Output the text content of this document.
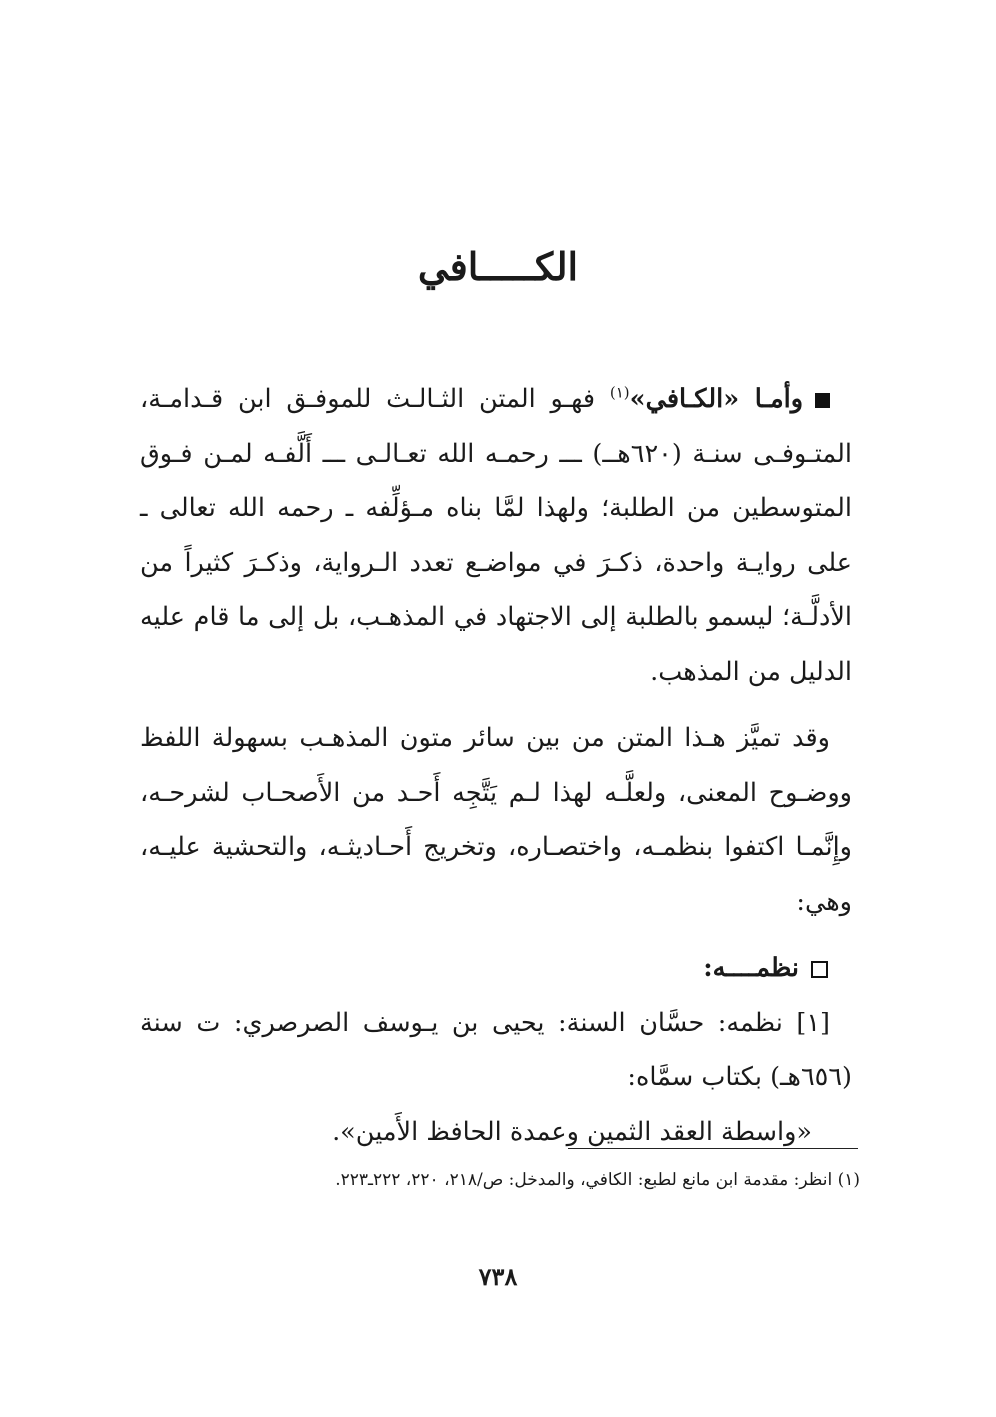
الكـــــافي

وأمـا «الكـافي»$^{(١)}$ فهـو المتن الثـالـث للموفـق ابن قـدامـة، المتـوفـى سنـة (٦٢٠هــ) ـــ رحمـه الله تعـالـى ـــ أَلَّفـه لمـن فـوق المتوسطين من الطلبة؛ ولهذا لمَّا بناه مـؤلِّفه ـ رحمه الله تعالى ـ على روايـة واحدة، ذكـرَ في مواضـع تعدد الـرواية، وذكـرَ كثيراً من الأدلَّـة؛ ليسمو بالطلبة إلى الاجتهاد في المذهـب، بل إلى ما قام عليه الدليل من المذهب.

وقد تميَّز هـذا المتن من بين سائر متون المذهـب بسهولة اللفظ ووضـوح المعنى، ولعلَّـه لهذا لـم يَتَّجِه أَحـد من الأَصحـاب لشرحـه، وإِنَّمـا اكتفوا بنظمـه، واختصـاره، وتخريج أَحـاديثـه، والتحشية عليـه، وهي:

نظمــــه:

[١] نظمه: حسَّان السنة: يحيى بن يـوسف الصرصري: ت سنة (٦٥٦هـ) بكتاب سمَّاه:

«واسطة العقد الثمين وعمدة الحافظ الأَمين».

(١) انظر: مقدمة ابن مانع لطبع: الكافي، والمدخل: ص/٢١٨، ٢٢٠، ٢٢٢ـ٢٢٣.
٧٣٨
